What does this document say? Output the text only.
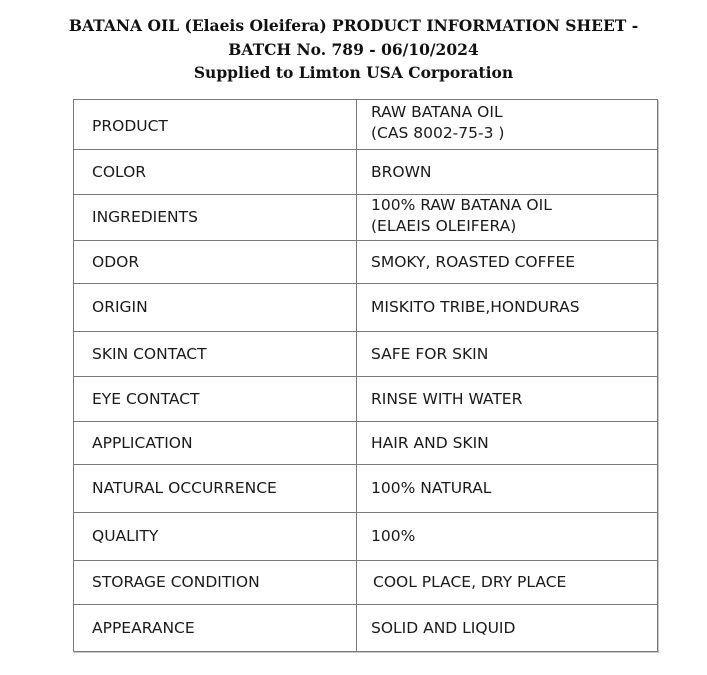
BATANA OIL (Elaeis Oleifera) PRODUCT INFORMATION SHEET -
BATCH No. 789 - 06/10/2024
Supplied to Limton USA Corporation
PRODUCT	RAW BATANA OIL
(CAS 8002-75-3 )

COLOR	BROWN
INGREDIENTS	100% RAW BATANA OIL
(ELAEIS OLEIFERA)

ODOR	SMOKY, ROASTED COFFEE
ORIGIN	MISKITO TRIBE,HONDURAS
SKIN CONTACT	SAFE FOR SKIN
EYE CONTACT	RINSE WITH WATER
APPLICATION	HAIR AND SKIN
NATURAL OCCURRENCE	100% NATURAL
QUALITY	100%
STORAGE CONDITION	COOL PLACE, DRY PLACE
APPEARANCE	SOLID AND LIQUID
